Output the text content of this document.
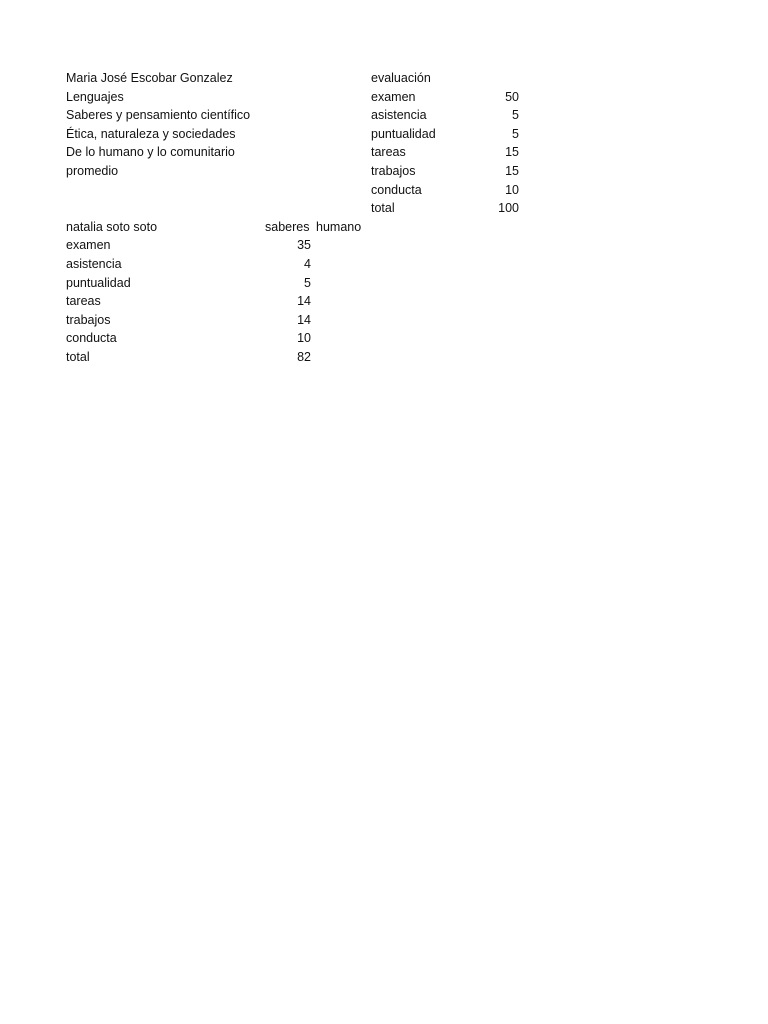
Maria José Escobar Gonzalez
Lenguajes
Saberes y pensamiento científico
Ética, naturaleza y sociedades
De lo humano y lo comunitario
promedio
evaluación
examen	50
asistencia	5
puntualidad	5
tareas	15
trabajos	15
conducta	10
total	100
natalia soto soto	saberes humano
examen	35
asistencia	4
puntualidad	5
tareas	14
trabajos	14
conducta	10
total	82
